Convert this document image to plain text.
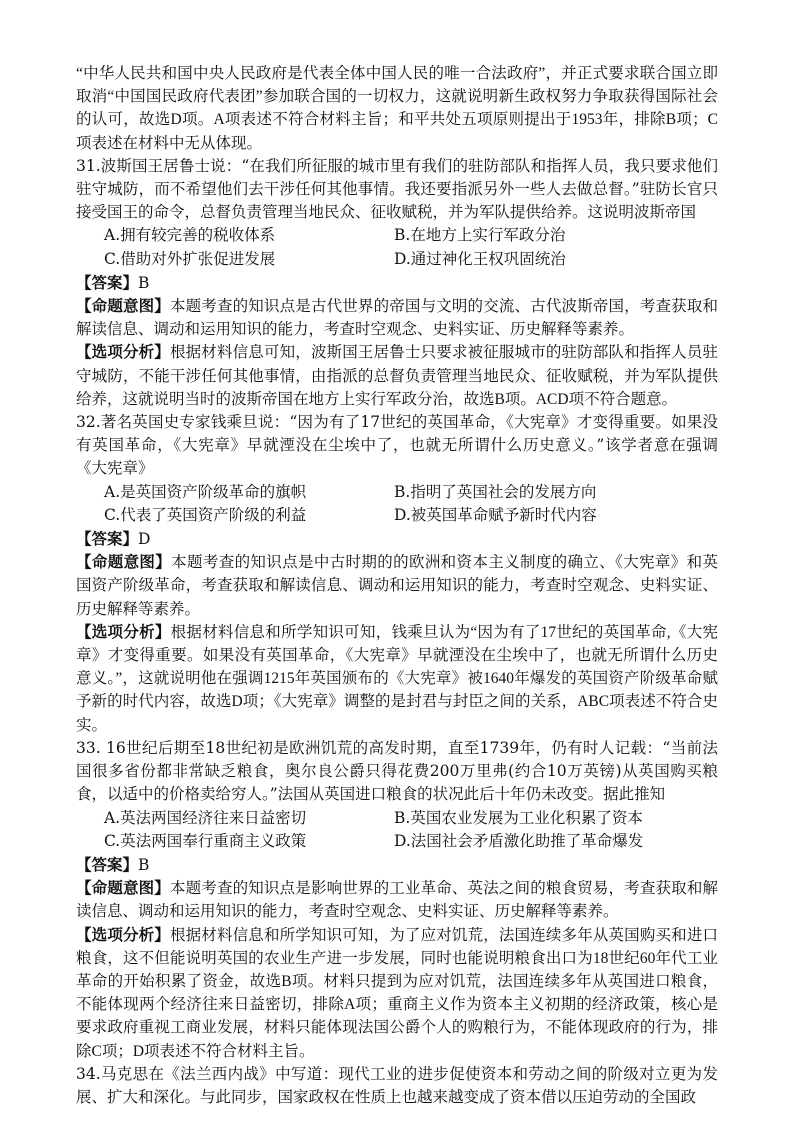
“中华人民共和国中央人民政府是代表全体中国人民的唯一合法政府”，并正式要求联合国立即取消“中国国民政府代表团”参加联合国的一切权力，这就说明新生政权努力争取获得国际社会的认可，故选D项。A项表述不符合材料主旨；和平共处五项原则提出于1953年，排除B项；C项表述在材料中无从体现。

31.波斯国王居鲁士说：“在我们所征服的城市里有我们的驻防部队和指挥人员，我只要求他们驻守城防，而不希望他们去干涉任何其他事情。我还要指派另外一些人去做总督。”驻防长官只接受国王的命令，总督负责管理当地民众、征收赋税，并为军队提供给养。这说明波斯帝国

A.拥有较完善的税收体系	B.在地方上实行军政分治
C.借助对外扩张促进发展	D.通过神化王权巩固统治

【答案】B

【命题意图】本题考查的知识点是古代世界的帝国与文明的交流、古代波斯帝国，考查获取和解读信息、调动和运用知识的能力，考查时空观念、史料实证、历史解释等素养。

【选项分析】根据材料信息可知，波斯国王居鲁士只要求被征服城市的驻防部队和指挥人员驻守城防，不能干涉任何其他事情，由指派的总督负责管理当地民众、征收赋税，并为军队提供给养，这就说明当时的波斯帝国在地方上实行军政分治，故选B项。ACD项不符合题意。

32.著名英国史专家钱乘旦说：“因为有了17世纪的英国革命，《大宪章》才变得重要。如果没有英国革命，《大宪章》早就湮没在尘埃中了，也就无所谓什么历史意义。”该学者意在强调《大宪章》

A.是英国资产阶级革命的旗帜	B.指明了英国社会的发展方向
C.代表了英国资产阶级的利益	D.被英国革命赋予新时代内容

【答案】D

【命题意图】本题考查的知识点是中古时期的的欧洲和资本主义制度的确立、《大宪章》和英国资产阶级革命，考查获取和解读信息、调动和运用知识的能力，考查时空观念、史料实证、历史解释等素养。

【选项分析】根据材料信息和所学知识可知，钱乘旦认为“因为有了17世纪的英国革命,《大宪章》才变得重要。如果没有英国革命，《大宪章》早就湮没在尘埃中了，也就无所谓什么历史意义。”，这就说明他在强调1215年英国颁布的《大宪章》被1640年爆发的英国资产阶级革命赋予新的时代内容，故选D项；《大宪章》调整的是封君与封臣之间的关系，ABC项表述不符合史实。

33. 16世纪后期至18世纪初是欧洲饥荒的高发时期，直至1739年，仍有时人记载：“当前法国很多省份都非常缺乏粮食，奥尔良公爵只得花费200万里弗(约合10万英镑)从英国购买粮食，以适中的价格卖给穷人。”法国从英国进口粮食的状况此后十年仍未改变。据此推知

A.英法两国经济往来日益密切	B.英国农业发展为工业化积累了资本
C.英法两国奉行重商主义政策	D.法国社会矛盾激化助推了革命爆发

【答案】B

【命题意图】本题考查的知识点是影响世界的工业革命、英法之间的粮食贸易，考查获取和解读信息、调动和运用知识的能力，考查时空观念、史料实证、历史解释等素养。

【选项分析】根据材料信息和所学知识可知，为了应对饥荒，法国连续多年从英国购买和进口粮食，这不但能说明英国的农业生产进一步发展，同时也能说明粮食出口为18世纪60年代工业革命的开始积累了资金，故选B项。材料只提到为应对饥荒，法国连续多年从英国进口粮食，不能体现两个经济往来日益密切，排除A项；重商主义作为资本主义初期的经济政策，核心是要求政府重视工商业发展，材料只能体现法国公爵个人的购粮行为，不能体现政府的行为，排除C项；D项表述不符合材料主旨。

34.马克思在《法兰西内战》中写道：现代工业的进步促使资本和劳动之间的阶级对立更为发展、扩大和深化。与此同步，国家政权在性质上也越来越变成了资本借以压迫劳动的全国政
